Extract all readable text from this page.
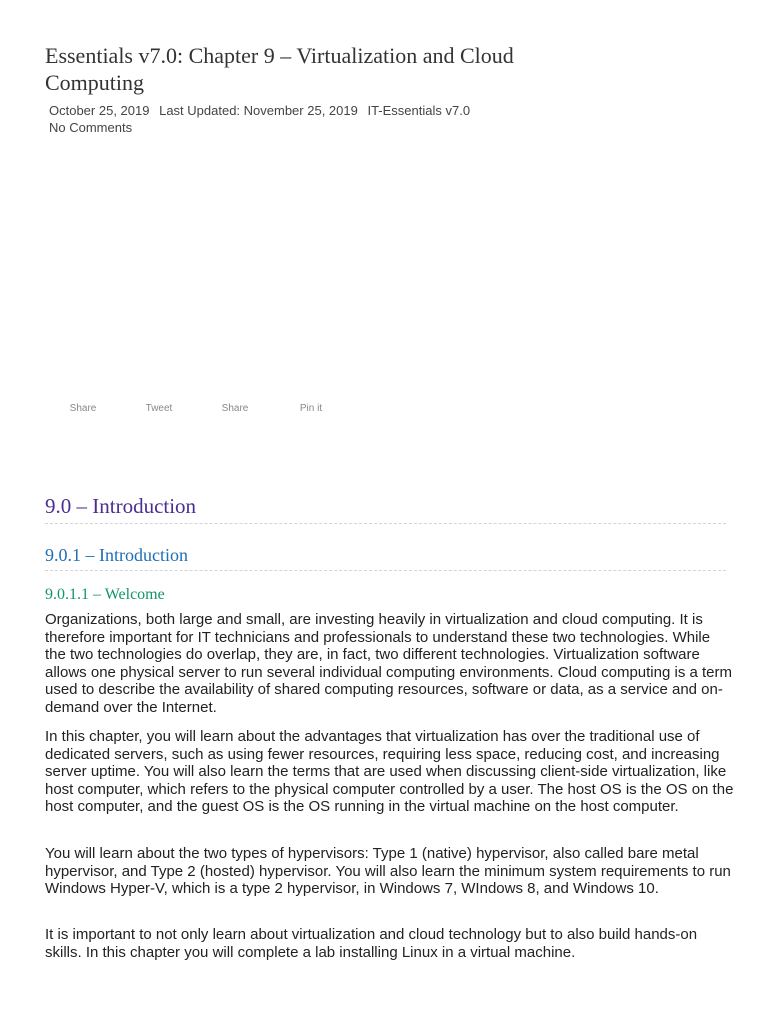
Essentials v7.0: Chapter 9 – Virtualization and Cloud Computing
October 25, 2019 Last Updated: November 25, 2019 IT-Essentials v7.0
No Comments
Share	Tweet	Share	Pin it
9.0 – Introduction
9.0.1 – Introduction
9.0.1.1 – Welcome

Organizations, both large and small, are investing heavily in virtualization and cloud computing. It is therefore important for IT technicians and professionals to understand these two technologies. While the two technologies do overlap, they are, in fact, two different technologies. Virtualization software allows one physical server to run several individual computing environments. Cloud computing is a term used to describe the availability of shared computing resources, software or data, as a service and on-demand over the Internet.

In this chapter, you will learn about the advantages that virtualization has over the traditional use of dedicated servers, such as using fewer resources, requiring less space, reducing cost, and increasing server uptime. You will also learn the terms that are used when discussing client-side virtualization, like host computer, which refers to the physical computer controlled by a user. The host OS is the OS on the host computer, and the guest OS is the OS running in the virtual machine on the host computer.

You will learn about the two types of hypervisors: Type 1 (native) hypervisor, also called bare metal hypervisor, and Type 2 (hosted) hypervisor. You will also learn the minimum system requirements to run Windows Hyper-V, which is a type 2 hypervisor, in Windows 7, WIndows 8, and Windows 10.

It is important to not only learn about virtualization and cloud technology but to also build hands-on skills. In this chapter you will complete a lab installing Linux in a virtual machine.
